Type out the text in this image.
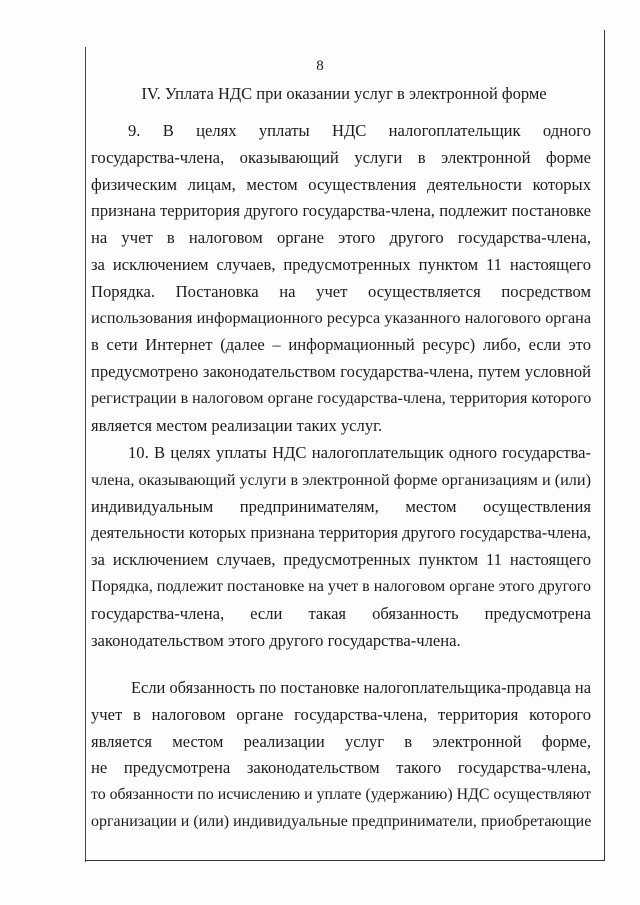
8
IV. Уплата НДС при оказании услуг в электронной форме
9. В целях уплаты НДС налогоплательщик одного
государства-члена, оказывающий услуги в электронной форме
физическим лицам, местом осуществления деятельности которых
признана территория другого государства-члена, подлежит постановке
на учет в налоговом органе этого другого государства-члена,
за исключением случаев, предусмотренных пунктом 11 настоящего
Порядка. Постановка на учет осуществляется посредством
использования информационного ресурса указанного налогового органа
в сети Интернет (далее – информационный ресурс) либо, если это
предусмотрено законодательством государства-члена, путем условной
регистрации в налоговом органе государства-члена, территория которого
является местом реализации таких услуг.
10. В целях уплаты НДС налогоплательщик одного государства-
члена, оказывающий услуги в электронной форме организациям и (или)
индивидуальным предпринимателям, местом осуществления
деятельности которых признана территория другого государства-члена,
за исключением случаев, предусмотренных пунктом 11 настоящего
Порядка, подлежит постановке на учет в налоговом органе этого другого
государства-члена, если такая обязанность предусмотрена
законодательством этого другого государства-члена.
Если обязанность по постановке налогоплательщика-продавца на
учет в налоговом органе государства-члена, территория которого
является местом реализации услуг в электронной форме,
не предусмотрена законодательством такого государства-члена,
то обязанности по исчислению и уплате (удержанию) НДС осуществляют
организации и (или) индивидуальные предприниматели, приобретающие
